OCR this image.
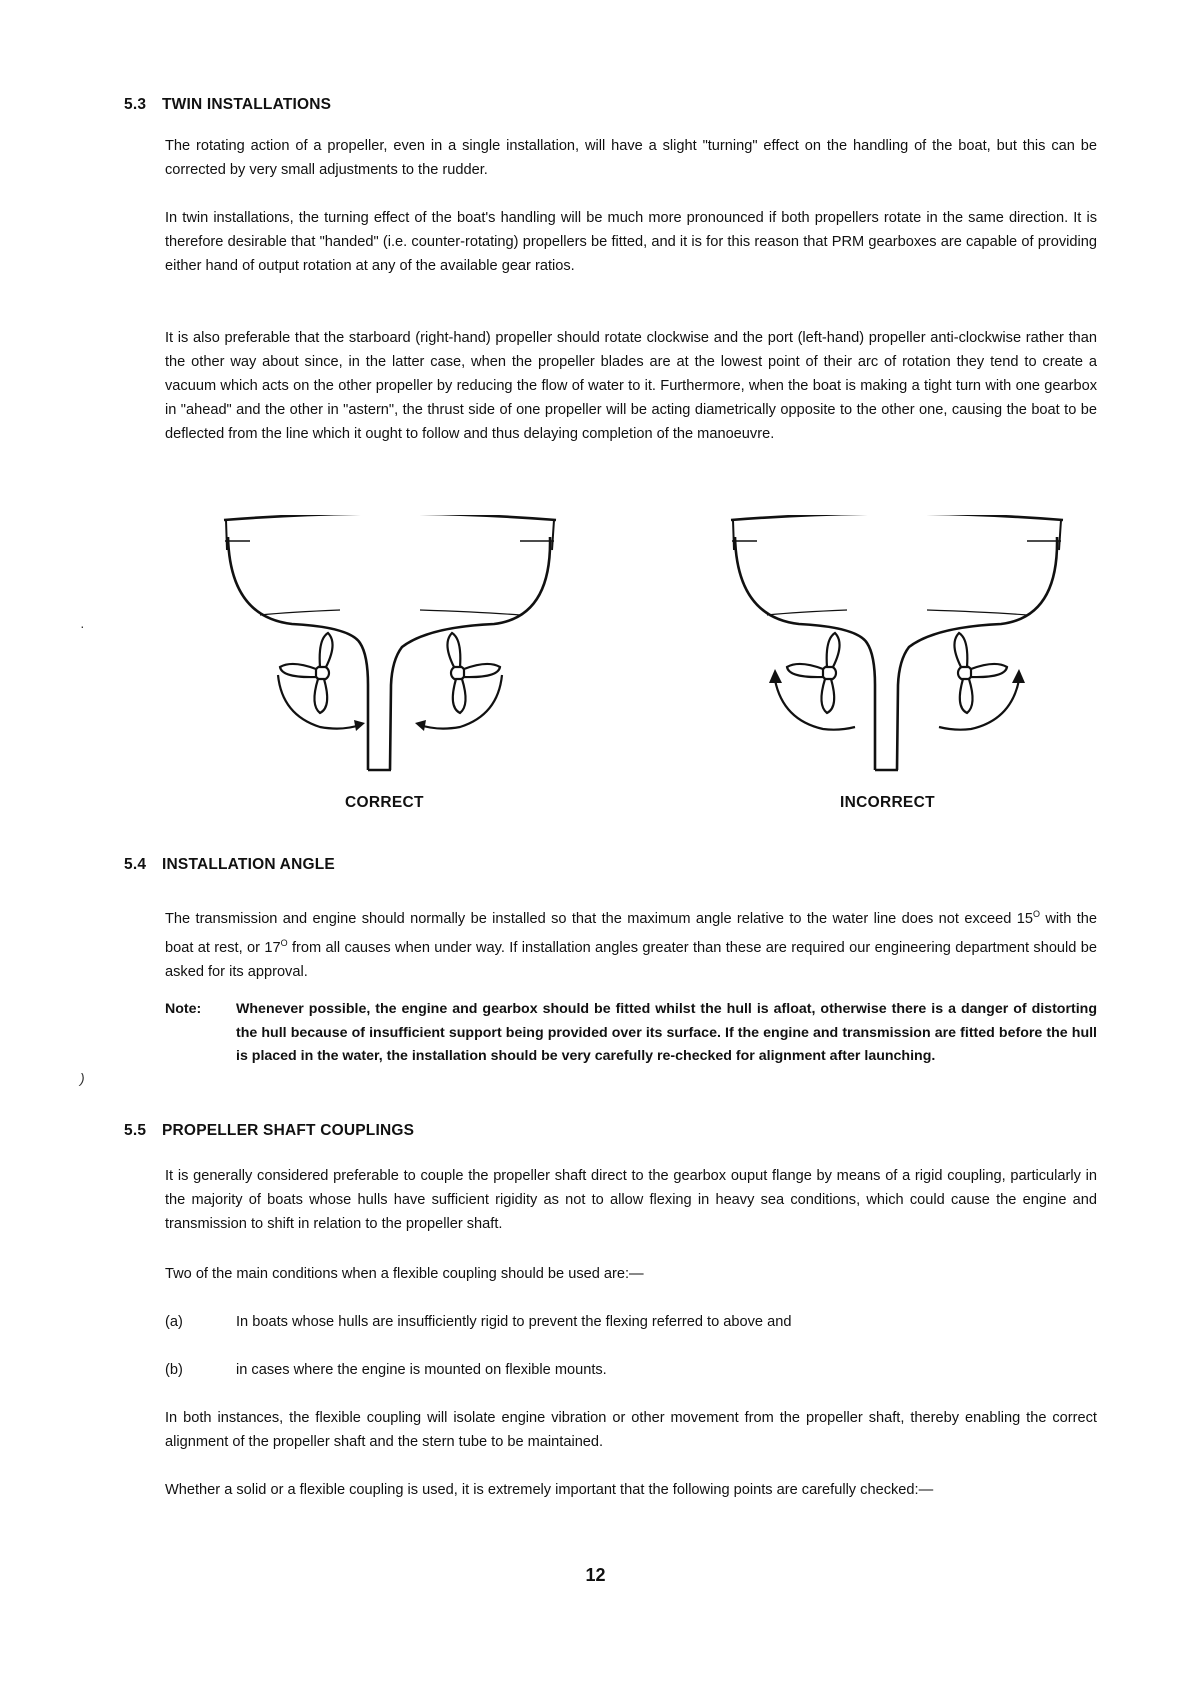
5.3 TWIN INSTALLATIONS

The rotating action of a propeller, even in a single installation, will have a slight "turning" effect on the handling of the boat, but this can be corrected by very small adjustments to the rudder.

In twin installations, the turning effect of the boat's handling will be much more pronounced if both propellers rotate in the same direction. It is therefore desirable that "handed" (i.e. counter-rotating) propellers be fitted, and it is for this reason that PRM gearboxes are capable of providing either hand of output rotation at any of the available gear ratios.

It is also preferable that the starboard (right-hand) propeller should rotate clockwise and the port (left-hand) propeller anti-clockwise rather than the other way about since, in the latter case, when the propeller blades are at the lowest point of their arc of rotation they tend to create a vacuum which acts on the other propeller by reducing the flow of water to it. Furthermore, when the boat is making a tight turn with one gearbox in "ahead" and the other in "astern", the thrust side of one propeller will be acting diametrically opposite to the other one, causing the boat to be deflected from the line which it ought to follow and thus delaying completion of the manoeuvre.

CORRECT	INCORRECT
5.4 INSTALLATION ANGLE

The transmission and engine should normally be installed so that the maximum angle relative to the water line does not exceed $15^O$ with the boat at rest, or $17^O$ from all causes when under way. If installation angles greater than these are required our engineering department should be asked for its approval.

Note: Whenever possible, the engine and gearbox should be fitted whilst the hull is afloat, otherwise there is a danger of distorting the hull because of insufficient support being provided over its surface. If the engine and transmission are fitted before the hull is placed in the water, the installation should be very carefully re-checked for alignment after launching.
5.5 PROPELLER SHAFT COUPLINGS

It is generally considered preferable to couple the propeller shaft direct to the gearbox ouput flange by means of a rigid coupling, particularly in the majority of boats whose hulls have sufficient rigidity as not to allow flexing in heavy sea conditions, which could cause the engine and transmission to shift in relation to the propeller shaft.

Two of the main conditions when a flexible coupling should be used are:—

(a)	In boats whose hulls are insufficiently rigid to prevent the flexing referred to above and
(b)	in cases where the engine is mounted on flexible mounts.

In both instances, the flexible coupling will isolate engine vibration or other movement from the propeller shaft, thereby enabling the correct alignment of the propeller shaft and the stern tube to be maintained.

Whether a solid or a flexible coupling is used, it is extremely important that the following points are carefully checked:—

12
·
)
